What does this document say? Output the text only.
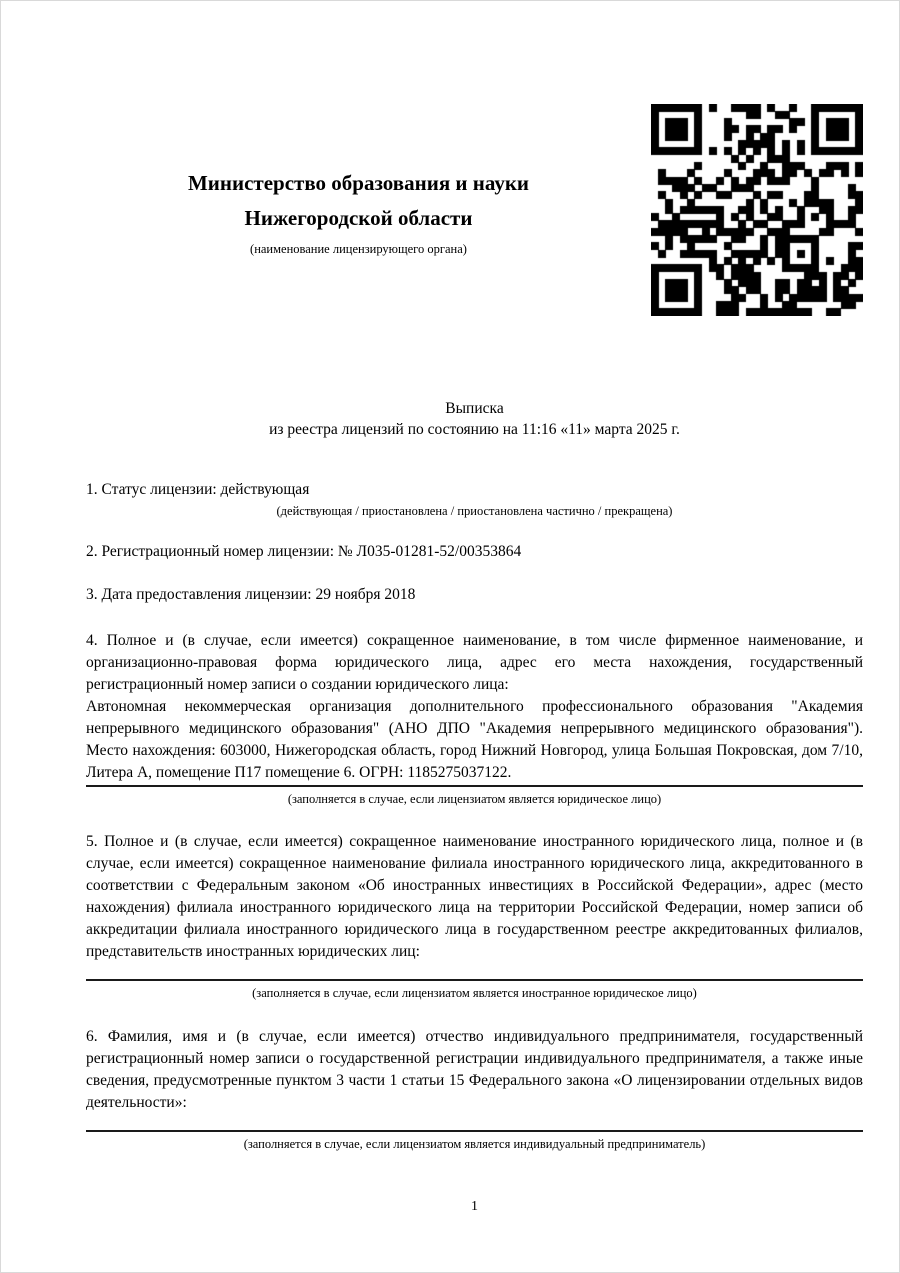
Министерство образования и науки
Нижегородской области
(наименование лицензирующего органа)
Выписка
из реестра лицензий по состоянию на 11:16 «11» марта 2025 г.
1. Статус лицензии: действующая
(действующая / приостановлена / приостановлена частично / прекращена)
2. Регистрационный номер лицензии: № Л035-01281-52/00353864
3. Дата предоставления лицензии: 29 ноября 2018

4. Полное и (в случае, если имеется) сокращенное наименование, в том числе фирменное наименование, и организационно-правовая форма юридического лица, адрес его места нахождения, государственный регистрационный номер записи о создании юридического лица:

Автономная некоммерческая организация дополнительного профессионального образования "Академия непрерывного медицинского образования" (АНО ДПО "Академия непрерывного медицинского образования"). Место нахождения: 603000, Нижегородская область, город Нижний Новгород, улица Большая Покровская, дом 7/10, Литера А, помещение П17 помещение 6. ОГРН: 1185275037122.

(заполняется в случае, если лицензиатом является юридическое лицо)

5. Полное и (в случае, если имеется) сокращенное наименование иностранного юридического лица, полное и (в случае, если имеется) сокращенное наименование филиала иностранного юридического лица, аккредитованного в соответствии с Федеральным законом «Об иностранных инвестициях в Российской Федерации», адрес (место нахождения) филиала иностранного юридического лица на территории Российской Федерации, номер записи об аккредитации филиала иностранного юридического лица в государственном реестре аккредитованных филиалов, представительств иностранных юридических лиц:

(заполняется в случае, если лицензиатом является иностранное юридическое лицо)

6. Фамилия, имя и (в случае, если имеется) отчество индивидуального предпринимателя, государственный регистрационный номер записи о государственной регистрации индивидуального предпринимателя, а также иные сведения, предусмотренные пунктом 3 части 1 статьи 15 Федерального закона «О лицензировании отдельных видов деятельности»:

(заполняется в случае, если лицензиатом является индивидуальный предприниматель)
1
